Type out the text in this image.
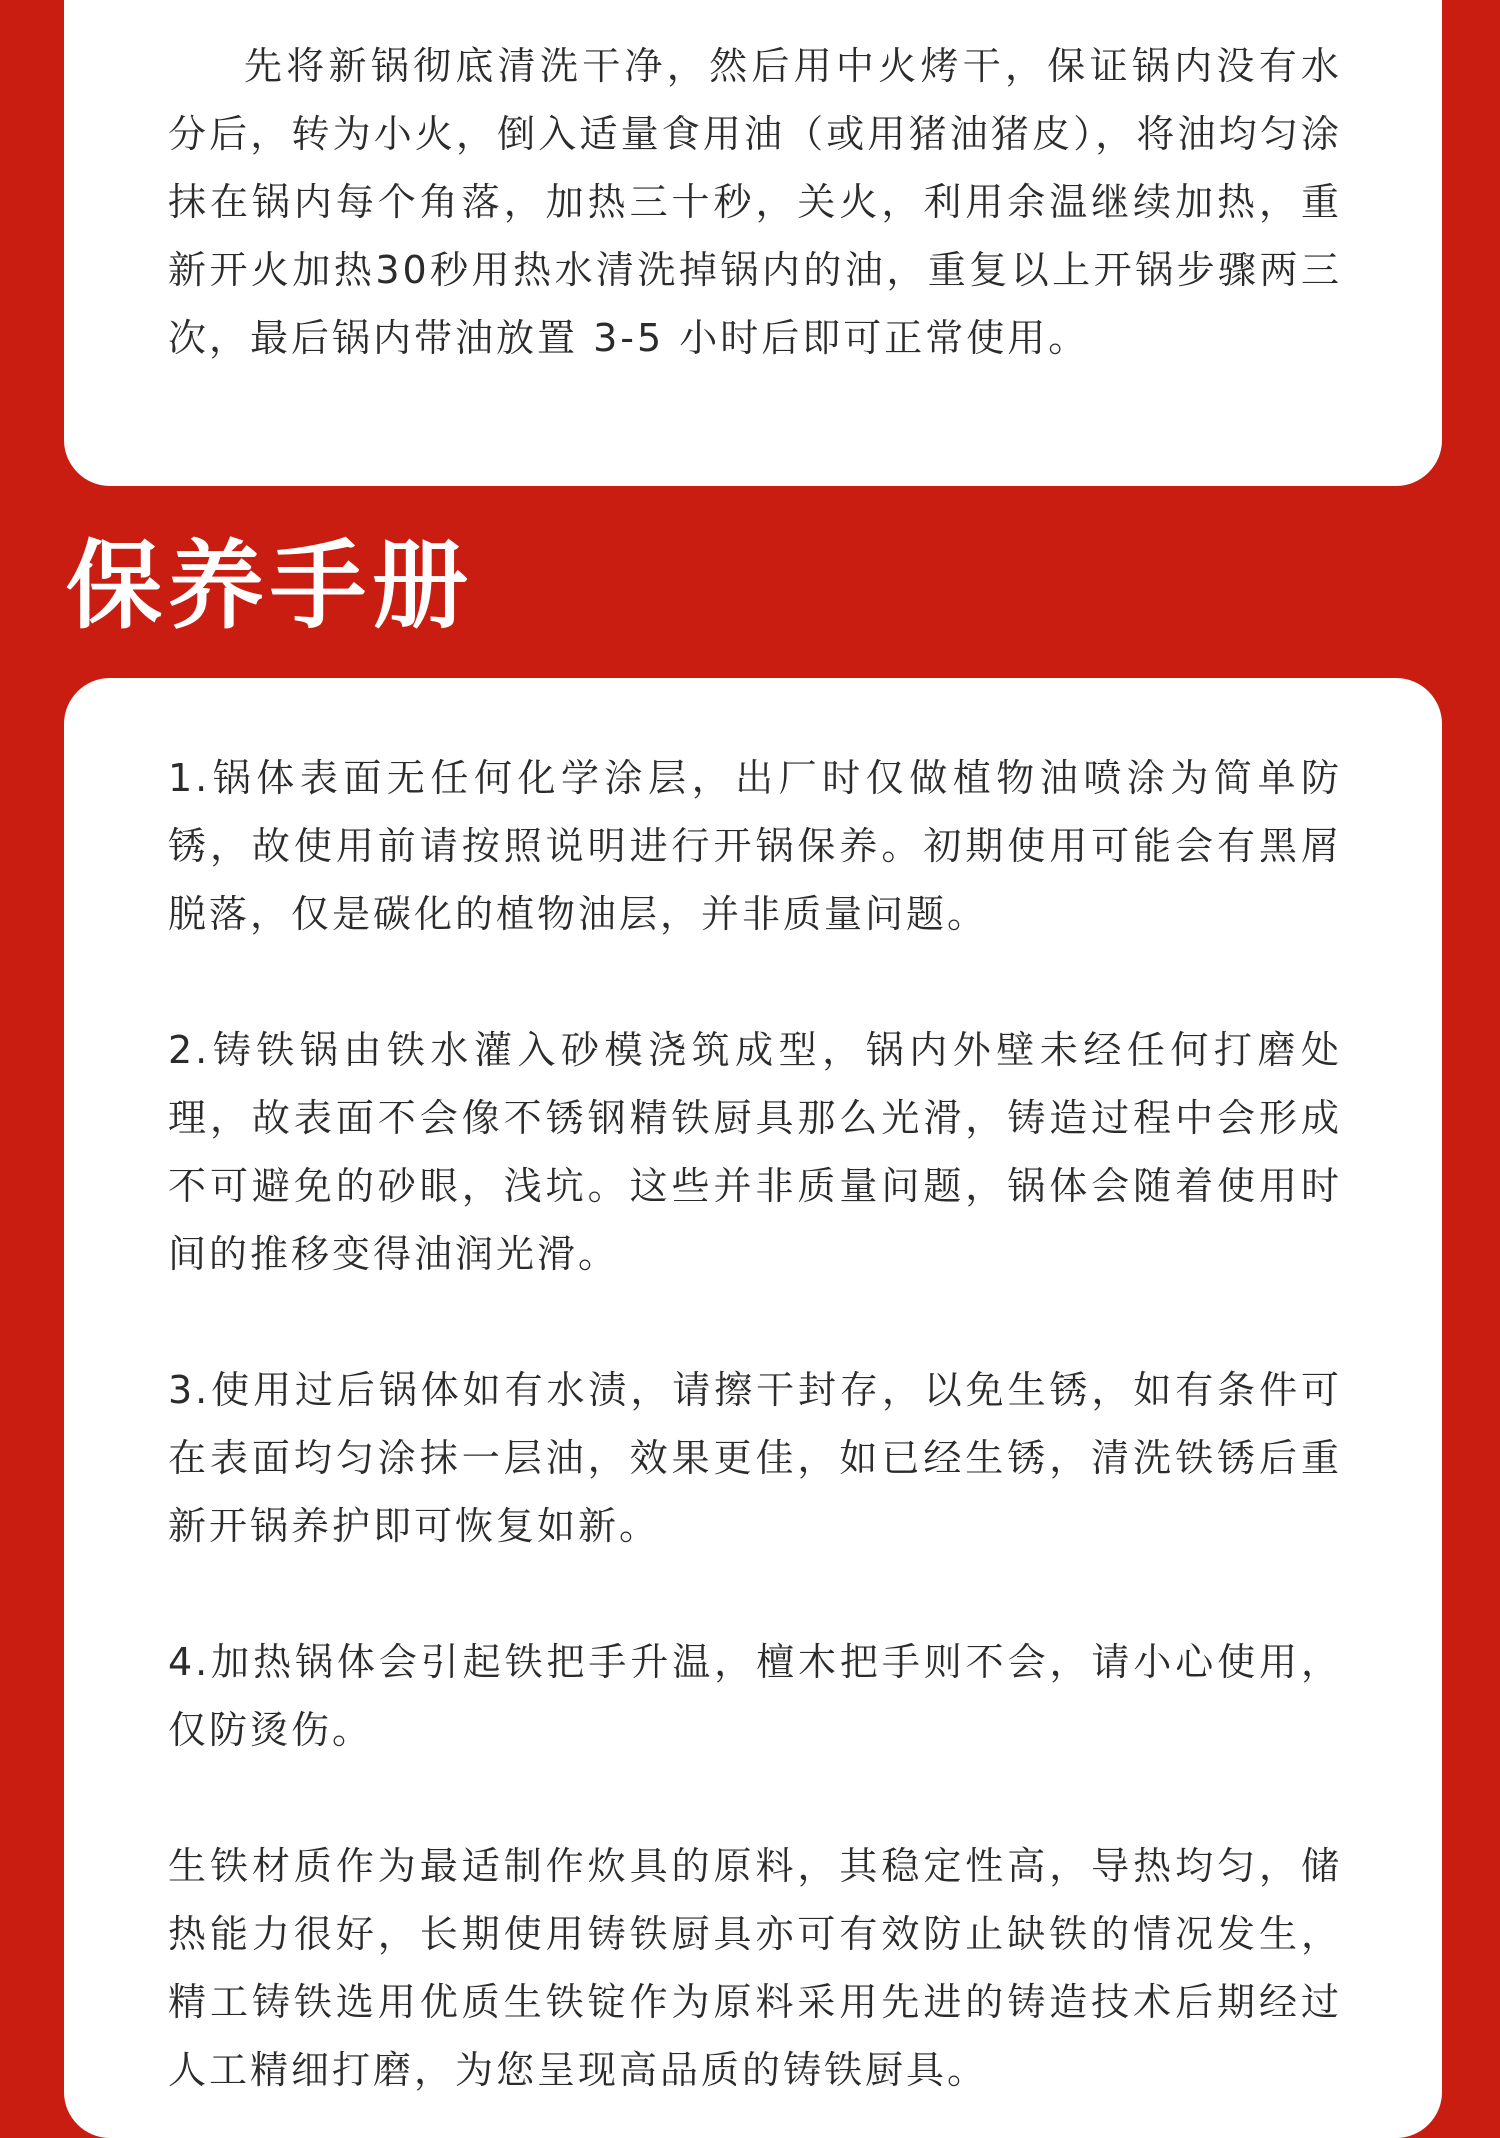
先将新锅彻底清洗干净，然后用中火烤干，保证锅内没有水分后，转为小火，倒入适量食用油（或用猪油猪皮），将油均匀涂抹在锅内每个角落，加热三十秒，关火，利用余温继续加热，重新开火加热30秒用热水清洗掉锅内的油，重复以上开锅步骤两三次，最后锅内带油放置 3-5 小时后即可正常使用。

保养手册

1.锅体表面无任何化学涂层，出厂时仅做植物油喷涂为简单防锈，故使用前请按照说明进行开锅保养。初期使用可能会有黑屑脱落，仅是碳化的植物油层，并非质量问题。

2.铸铁锅由铁水灌入砂模浇筑成型，锅内外壁未经任何打磨处理，故表面不会像不锈钢精铁厨具那么光滑，铸造过程中会形成不可避免的砂眼，浅坑。这些并非质量问题，锅体会随着使用时间的推移变得油润光滑。

3.使用过后锅体如有水渍，请擦干封存，以免生锈，如有条件可在表面均匀涂抹一层油，效果更佳，如已经生锈，清洗铁锈后重新开锅养护即可恢复如新。

4.加热锅体会引起铁把手升温，檀木把手则不会，请小心使用，仅防烫伤。

生铁材质作为最适制作炊具的原料，其稳定性高，导热均匀，储热能力很好，长期使用铸铁厨具亦可有效防止缺铁的情况发生，精工铸铁选用优质生铁锭作为原料采用先进的铸造技术后期经过人工精细打磨，为您呈现高品质的铸铁厨具。
